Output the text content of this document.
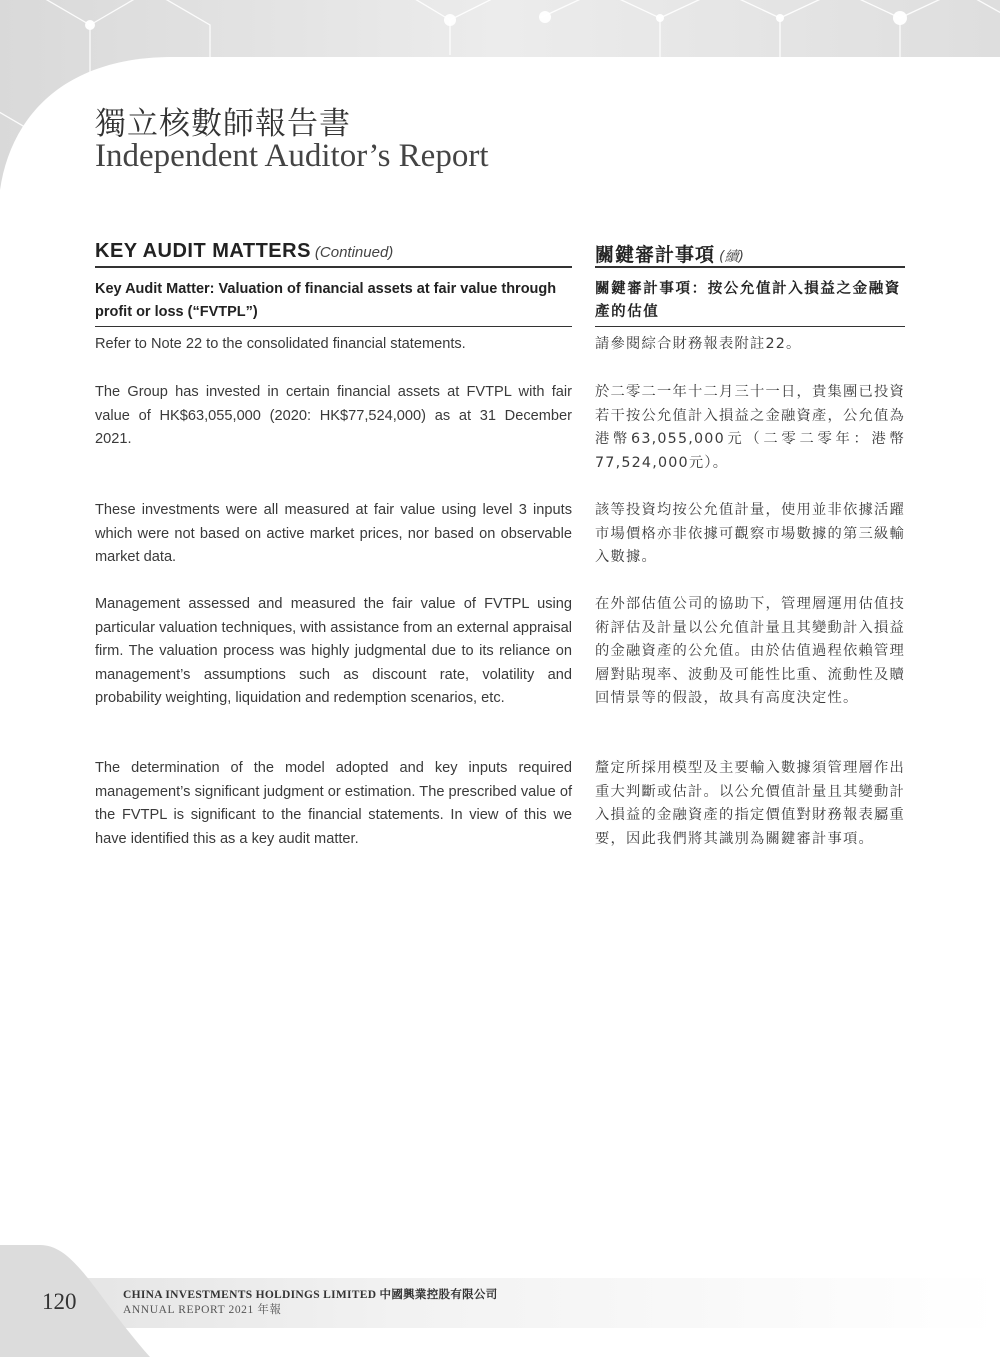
獨立核數師報告書
Independent Auditor’s Report
KEY AUDIT MATTERS (Continued)	關鍵審計事項 (續)
Key Audit Matter: Valuation of financial assets at fair value through profit or loss (“FVTPL”)
關鍵審計事項：按公允值計入損益之金融資產的估值
Refer to Note 22 to the consolidated financial statements.	請參閱綜合財務報表附註22。
The Group has invested in certain financial assets at FVTPL with fair value of HK$63,055,000 (2020: HK$77,524,000) as at 31 December 2021.
於二零二一年十二月三十一日，貴集團已投資若干按公允值計入損益之金融資產，公允值為港幣63,055,000元（二零二零年：港幣77,524,000元）。
These investments were all measured at fair value using level 3 inputs which were not based on active market prices, nor based on observable market data.
該等投資均按公允值計量，使用並非依據活躍市場價格亦非依據可觀察市場數據的第三級輸入數據。
Management assessed and measured the fair value of FVTPL using particular valuation techniques, with assistance from an external appraisal firm. The valuation process was highly judgmental due to its reliance on management’s assumptions such as discount rate, volatility and probability weighting, liquidation and redemption scenarios, etc.
在外部估值公司的協助下，管理層運用估值技術評估及計量以公允值計量且其變動計入損益的金融資產的公允值。由於估值過程依賴管理層對貼現率、波動及可能性比重、流動性及贖回情景等的假設，故具有高度決定性。
The determination of the model adopted and key inputs required management’s significant judgment or estimation. The prescribed value of the FVTPL is significant to the financial statements. In view of this we have identified this as a key audit matter.
釐定所採用模型及主要輸入數據須管理層作出重大判斷或估計。以公允價值計量且其變動計入損益的金融資產的指定價值對財務報表屬重要，因此我們將其識別為關鍵審計事項。
120	CHINA INVESTMENTS HOLDINGS LIMITED 中國興業控股有限公司
ANNUAL REPORT 2021 年報
